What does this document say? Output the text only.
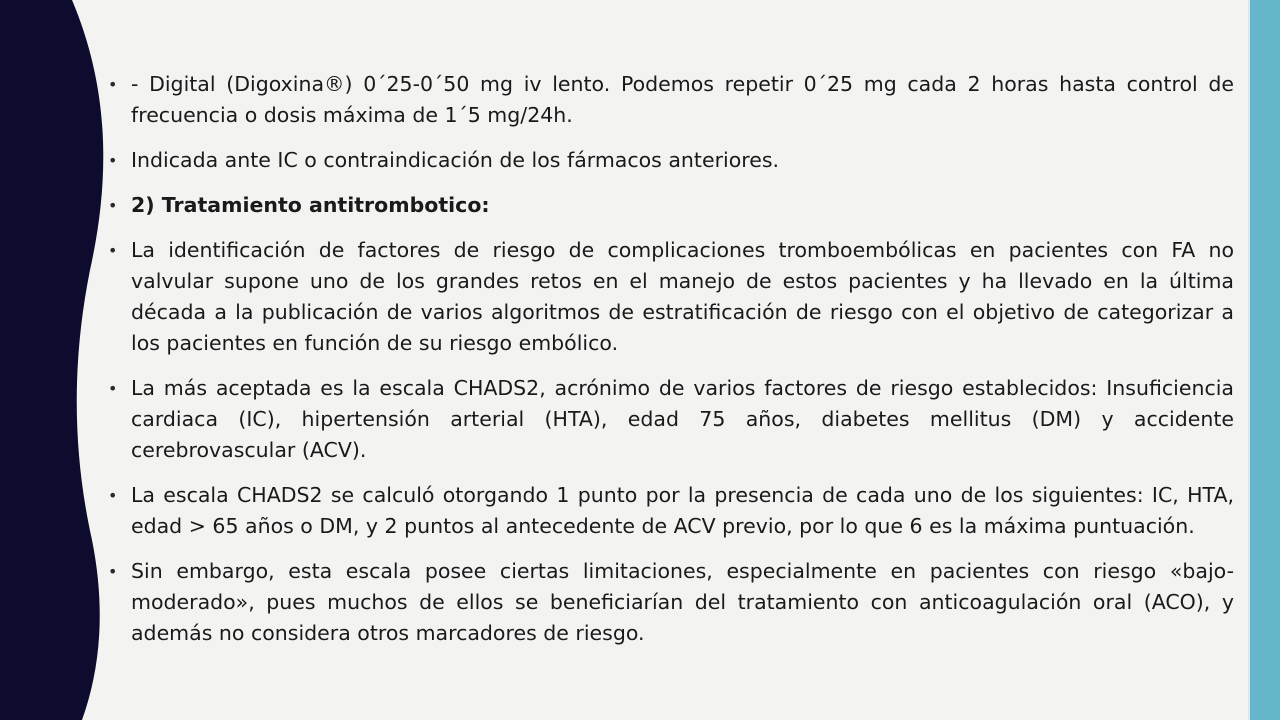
• - Digital (Digoxina®) 0´25-0´50 mg iv lento. Podemos repetir 0´25 mg cada 2 horas hasta control de frecuencia o dosis máxima de 1´5 mg/24h.
• Indicada ante IC o contraindicación de los fármacos anteriores.
• 2) Tratamiento antitrombotico:
• La identificación de factores de riesgo de complicaciones tromboembólicas en pacientes con FA no valvular supone uno de los grandes retos en el manejo de estos pacientes y ha llevado en la última década a la publicación de varios algoritmos de estratificación de riesgo con el objetivo de categorizar a los pacientes en función de su riesgo embólico.
• La más aceptada es la escala CHADS2, acrónimo de varios factores de riesgo establecidos: Insuficiencia cardiaca (IC), hipertensión arterial (HTA), edad 75 años, diabetes mellitus (DM) y accidente cerebrovascular (ACV).
• La escala CHADS2 se calculó otorgando 1 punto por la presencia de cada uno de los siguientes: IC, HTA, edad > 65 años o DM, y 2 puntos al antecedente de ACV previo, por lo que 6 es la máxima puntuación.
• Sin embargo, esta escala posee ciertas limitaciones, especialmente en pacientes con riesgo «bajo-moderado», pues muchos de ellos se beneficiarían del tratamiento con anticoagulación oral (ACO), y además no considera otros marcadores de riesgo.
